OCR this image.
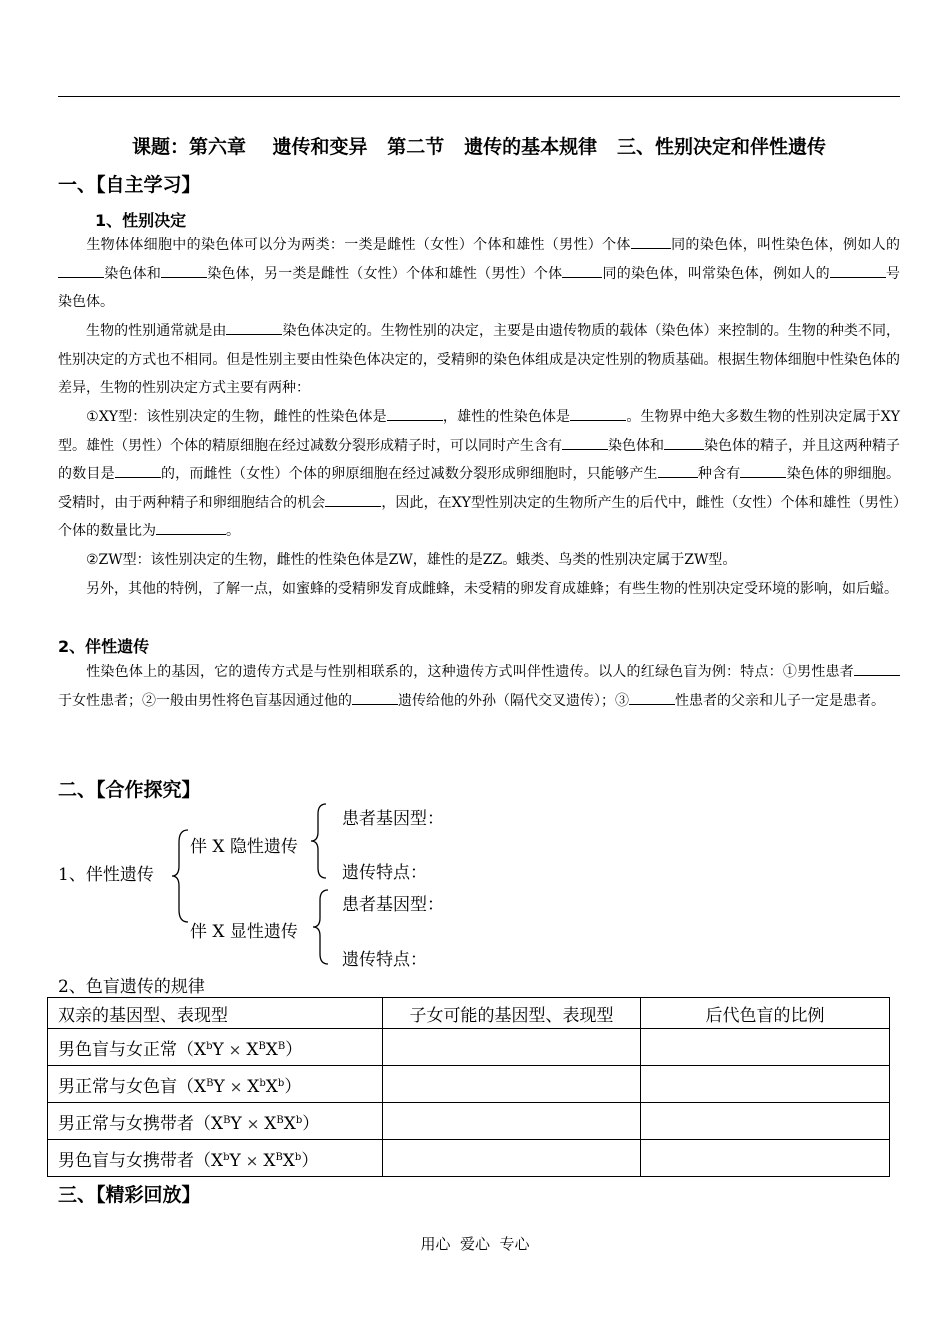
课题：第六章    遗传和变异   第二节   遗传的基本规律   三、性别决定和伴性遗传
一、【自主学习】
1、性别决定
生物体体细胞中的染色体可以分为两类：一类是雌性（女性）个体和雄性（男性）个体	同的染色体，叫性染色体，例如人的染色体和	染色体，另一类是雌性（女性）个体和雄性（男性）个体	同的染色体，叫常染色体，例如人的	号染色体。
生物的性别通常就是由	染色体决定的。生物性别的决定，主要是由遗传物质的载体（染色体）来控制的。生物的种类不同，性别决定的方式也不相同。但是性别主要由性染色体决定的，受精卵的染色体组成是决定性别的物质基础。根据生物体细胞中性染色体的差异，生物的性别决定方式主要有两种：
①XY型：该性别决定的生物，雌性的性染色体是	，雄性的性染色体是	。生物界中绝大多数生物的性别决定属于XY型。雄性（男性）个体的精原细胞在经过减数分裂形成精子时，可以同时产生含有	染色体和	染色体的精子，并且这两种精子的数目是	的，而雌性（女性）个体的卵原细胞在经过减数分裂形成卵细胞时，只能够产生	种含有	染色体的卵细胞。受精时，由于两种精子和卵细胞结合的机会	，因此，在XY型性别决定的生物所产生的后代中，雌性（女性）个体和雄性（男性）个体的数量比为	。
②ZW型：该性别决定的生物，雌性的性染色体是ZW，雄性的是ZZ。蛾类、鸟类的性别决定属于ZW型。
另外，其他的特例，了解一点，如蜜蜂的受精卵发育成雌蜂，未受精的卵发育成雄蜂；有些生物的性别决定受环境的影响，如后螠。
2、伴性遗传
性染色体上的基因，它的遗传方式是与性别相联系的，这种遗传方式叫伴性遗传。以人的红绿色盲为例：特点：①男性患者于女性患者；②一般由男性将色盲基因通过他的	遗传给他的外孙（隔代交叉遗传）；③	性患者的父亲和儿子一定是患者。
二、【合作探究】
1、伴性遗传
伴 X 隐性遗传
患者基因型：
遗传特点：
伴 X 显性遗传
患者基因型：
遗传特点：
2、色盲遗传的规律
双亲的基因型、表现型	子女可能的基因型、表现型	后代色盲的比例
男色盲与女正常$(X^bY \times X^BX^B)$		
男正常与女色盲$(X^BY \times X^bX^b)$		
男正常与女携带者$(X^BY \times X^BX^b)$		
男色盲与女携带者$(X^bY \times X^BX^b)$		
三、【精彩回放】
用心  爱心  专心
